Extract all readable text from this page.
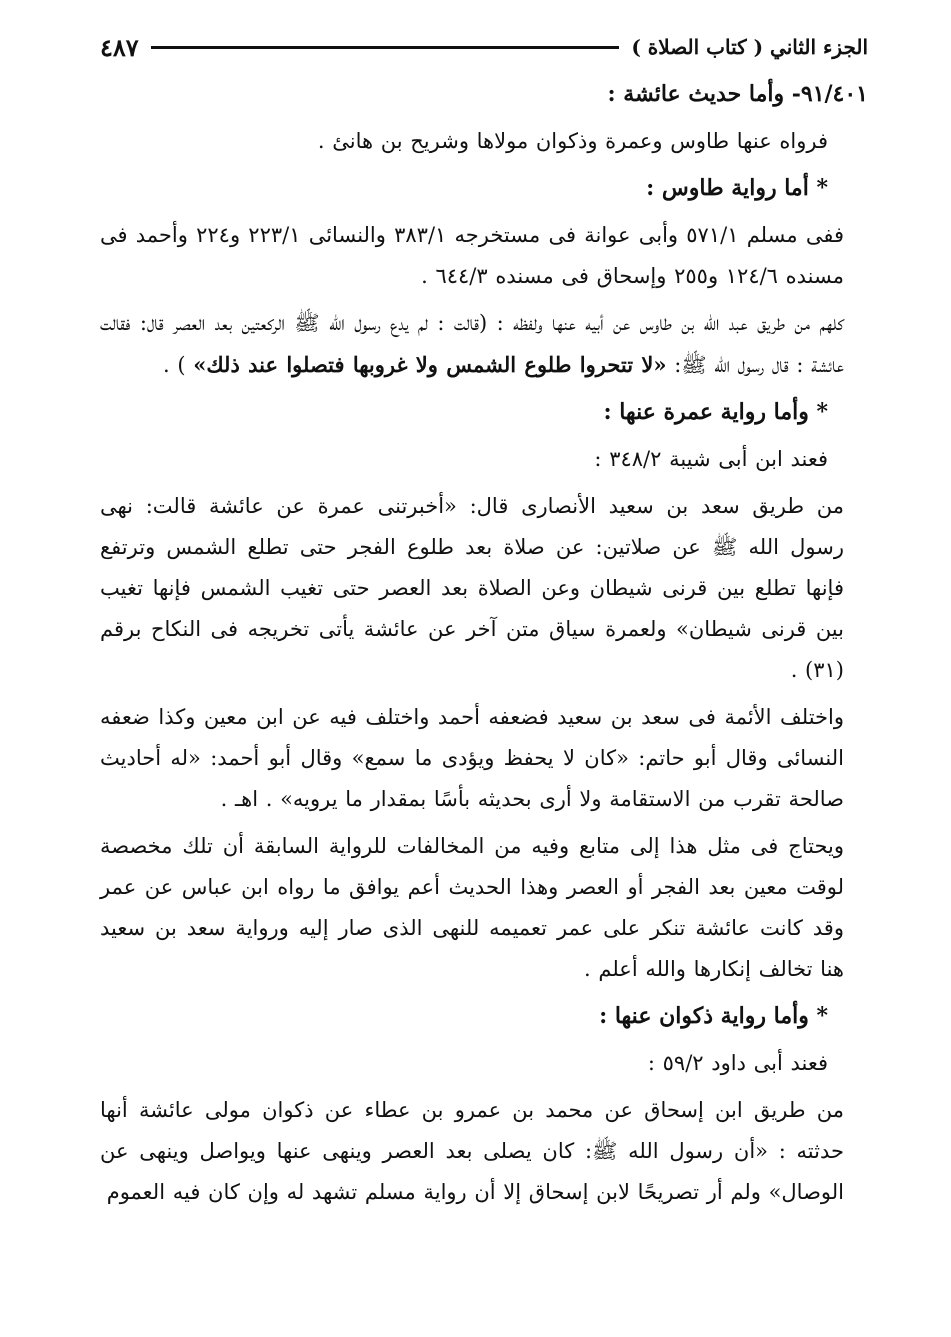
الجزء الثاني ( كتاب الصلاة )
٤٨٧
٩١/٤٠١- وأما حديث عائشة :
فرواه عنها طاوس وعمرة وذكوان مولاها وشريح بن هانئ .
* أما رواية طاوس :
ففى مسلم ٥٧١/١ وأبى عوانة فى مستخرجه ٣٨٣/١ والنسائى ٢٢٣/١ و٢٢٤ وأحمد فى مسنده ١٢٤/٦ و٢٥٥ وإسحاق فى مسنده ٦٤٤/٣ .
كلهم من طريق عبد الله بن طاوس عن أبيه عنها ولفظه : (قالت : لم يدع رسول الله ﷺ الركعتين بعد العصر قال: فقالت عائشة : قال رسول الله ﷺ: «لا تتحروا طلوع الشمس ولا غروبها فتصلوا عند ذلك» ) .
* وأما رواية عمرة عنها :
فعند ابن أبى شيبة ٣٤٨/٢ :
من طريق سعد بن سعيد الأنصارى قال: «أخبرتنى عمرة عن عائشة قالت: نهى رسول الله ﷺ عن صلاتين: عن صلاة بعد طلوع الفجر حتى تطلع الشمس وترتفع فإنها تطلع بين قرنى شيطان وعن الصلاة بعد العصر حتى تغيب الشمس فإنها تغيب بين قرنى شيطان» ولعمرة سياق متن آخر عن عائشة يأتى تخريجه فى النكاح برقم (٣١) .
واختلف الأئمة فى سعد بن سعيد فضعفه أحمد واختلف فيه عن ابن معين وكذا ضعفه النسائى وقال أبو حاتم: «كان لا يحفظ ويؤدى ما سمع» وقال أبو أحمد: «له أحاديث صالحة تقرب من الاستقامة ولا أرى بحديثه بأسًا بمقدار ما يرويه» . اهـ .
ويحتاج فى مثل هذا إلى متابع وفيه من المخالفات للرواية السابقة أن تلك مخصصة لوقت معين بعد الفجر أو العصر وهذا الحديث أعم يوافق ما رواه ابن عباس عن عمر وقد كانت عائشة تنكر على عمر تعميمه للنهى الذى صار إليه ورواية سعد بن سعيد هنا تخالف إنكارها والله أعلم .
* وأما رواية ذكوان عنها :
فعند أبى داود ٥٩/٢ :
من طريق ابن إسحاق عن محمد بن عمرو بن عطاء عن ذكوان مولى عائشة أنها حدثته : «أن رسول الله ﷺ: كان يصلى بعد العصر وينهى عنها ويواصل وينهى عن الوصال» ولم أر تصريحًا لابن إسحاق إلا أن رواية مسلم تشهد له وإن كان فيه العموم
